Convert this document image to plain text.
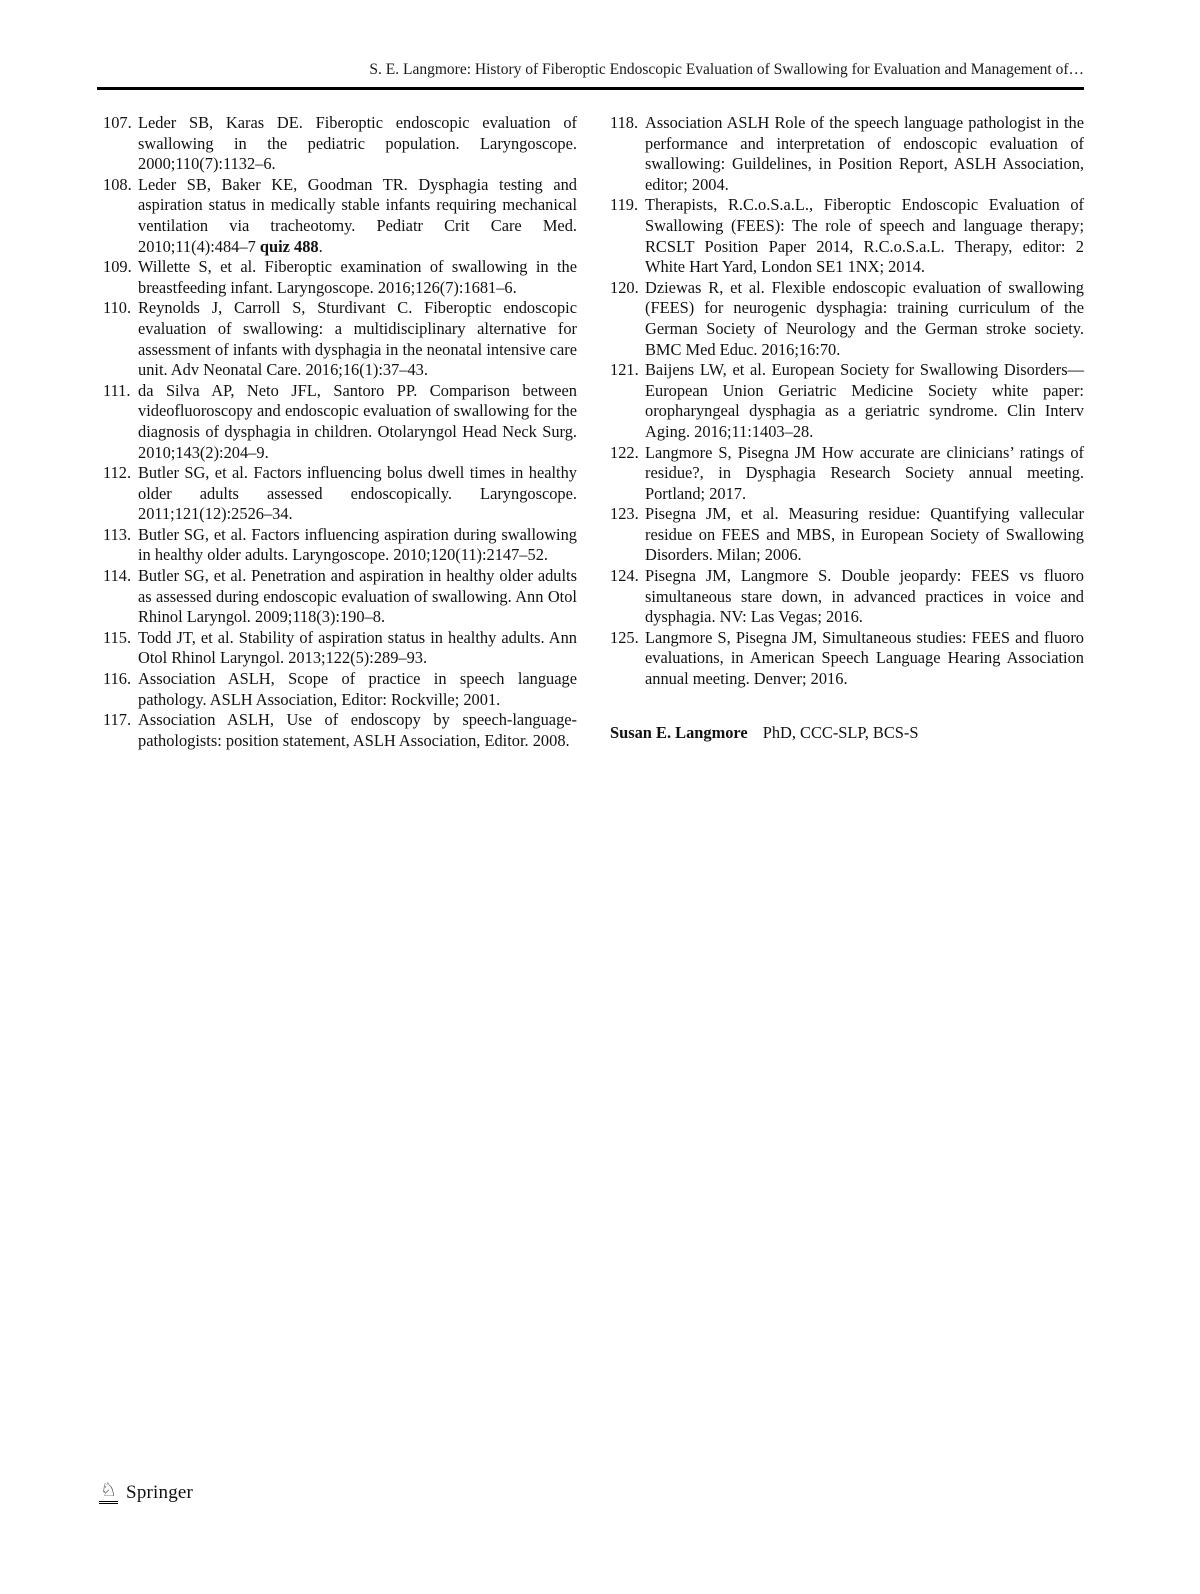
S. E. Langmore: History of Fiberoptic Endoscopic Evaluation of Swallowing for Evaluation and Management of…
107. Leder SB, Karas DE. Fiberoptic endoscopic evaluation of swallowing in the pediatric population. Laryngoscope. 2000;110(7):1132–6.
108. Leder SB, Baker KE, Goodman TR. Dysphagia testing and aspiration status in medically stable infants requiring mechanical ventilation via tracheotomy. Pediatr Crit Care Med. 2010;11(4):484–7 quiz 488.
109. Willette S, et al. Fiberoptic examination of swallowing in the breastfeeding infant. Laryngoscope. 2016;126(7):1681–6.
110. Reynolds J, Carroll S, Sturdivant C. Fiberoptic endoscopic evaluation of swallowing: a multidisciplinary alternative for assessment of infants with dysphagia in the neonatal intensive care unit. Adv Neonatal Care. 2016;16(1):37–43.
111. da Silva AP, Neto JFL, Santoro PP. Comparison between videofluoroscopy and endoscopic evaluation of swallowing for the diagnosis of dysphagia in children. Otolaryngol Head Neck Surg. 2010;143(2):204–9.
112. Butler SG, et al. Factors influencing bolus dwell times in healthy older adults assessed endoscopically. Laryngoscope. 2011;121(12):2526–34.
113. Butler SG, et al. Factors influencing aspiration during swallowing in healthy older adults. Laryngoscope. 2010;120(11):2147–52.
114. Butler SG, et al. Penetration and aspiration in healthy older adults as assessed during endoscopic evaluation of swallowing. Ann Otol Rhinol Laryngol. 2009;118(3):190–8.
115. Todd JT, et al. Stability of aspiration status in healthy adults. Ann Otol Rhinol Laryngol. 2013;122(5):289–93.
116. Association ASLH, Scope of practice in speech language pathology. ASLH Association, Editor: Rockville; 2001.
117. Association ASLH, Use of endoscopy by speech-language-pathologists: position statement, ASLH Association, Editor. 2008.
118. Association ASLH Role of the speech language pathologist in the performance and interpretation of endoscopic evaluation of swallowing: Guildelines, in Position Report, ASLH Association, editor; 2004.
119. Therapists, R.C.o.S.a.L., Fiberoptic Endoscopic Evaluation of Swallowing (FEES): The role of speech and language therapy; RCSLT Position Paper 2014, R.C.o.S.a.L. Therapy, editor: 2 White Hart Yard, London SE1 1NX; 2014.
120. Dziewas R, et al. Flexible endoscopic evaluation of swallowing (FEES) for neurogenic dysphagia: training curriculum of the German Society of Neurology and the German stroke society. BMC Med Educ. 2016;16:70.
121. Baijens LW, et al. European Society for Swallowing Disorders—European Union Geriatric Medicine Society white paper: oropharyngeal dysphagia as a geriatric syndrome. Clin Interv Aging. 2016;11:1403–28.
122. Langmore S, Pisegna JM How accurate are clinicians’ ratings of residue?, in Dysphagia Research Society annual meeting. Portland; 2017.
123. Pisegna JM, et al. Measuring residue: Quantifying vallecular residue on FEES and MBS, in European Society of Swallowing Disorders. Milan; 2006.
124. Pisegna JM, Langmore S. Double jeopardy: FEES vs fluoro simultaneous stare down, in advanced practices in voice and dysphagia. NV: Las Vegas; 2016.
125. Langmore S, Pisegna JM, Simultaneous studies: FEES and fluoro evaluations, in American Speech Language Hearing Association annual meeting. Denver; 2016.
Susan E. Langmore PhD, CCC-SLP, BCS-S
♘ Springer
